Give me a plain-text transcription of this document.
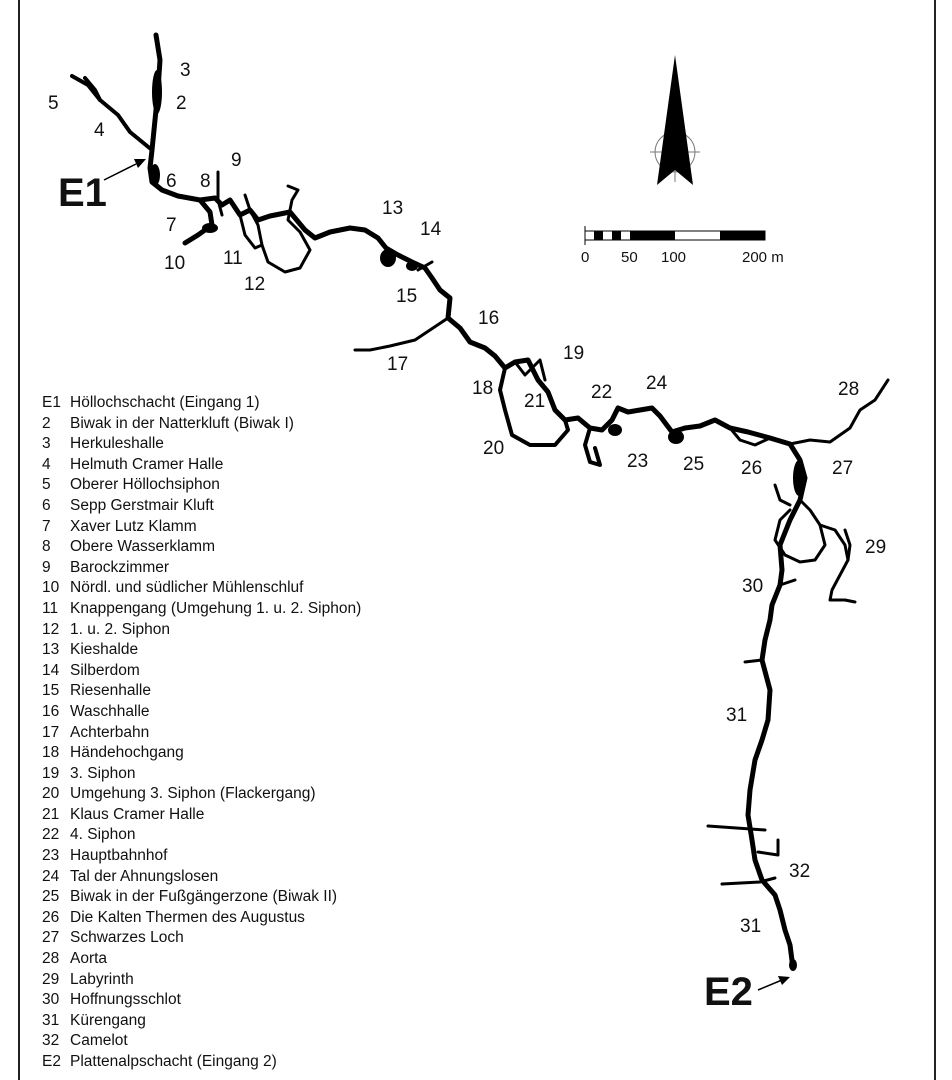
0 50 100	200 m
E1
E2
2
3
4
5
6
7
8
9
10 11
12
13
14
15
16
17
18
19
20
21 22
23
24
25 26	27
28
29
30
31
31
32
E1 Höllochschacht (Eingang 1)
2 Biwak in der Natterkluft (Biwak I)
3 Herkuleshalle
4 Helmuth Cramer Halle
5 Oberer Höllochsiphon
6 Sepp Gerstmair Kluft
7 Xaver Lutz Klamm
8 Obere Wasserklamm
9 Barockzimmer
10 Nördl. und südlicher Mühlenschluf
11 Knappengang (Umgehung 1. u. 2. Siphon)
12 1. u. 2. Siphon
13 Kieshalde
14 Silberdom
15 Riesenhalle
16 Waschhalle
17 Achterbahn
18 Händehochgang
19 3. Siphon
20 Umgehung 3. Siphon (Flackergang)
21 Klaus Cramer Halle
22 4. Siphon
23 Hauptbahnhof
24 Tal der Ahnungslosen
25 Biwak in der Fußgängerzone (Biwak II)
26 Die Kalten Thermen des Augustus
27 Schwarzes Loch
28 Aorta
29 Labyrinth
30 Hoffnungsschlot
31 Kürengang
32 Camelot
E2 Plattenalpschacht (Eingang 2)
